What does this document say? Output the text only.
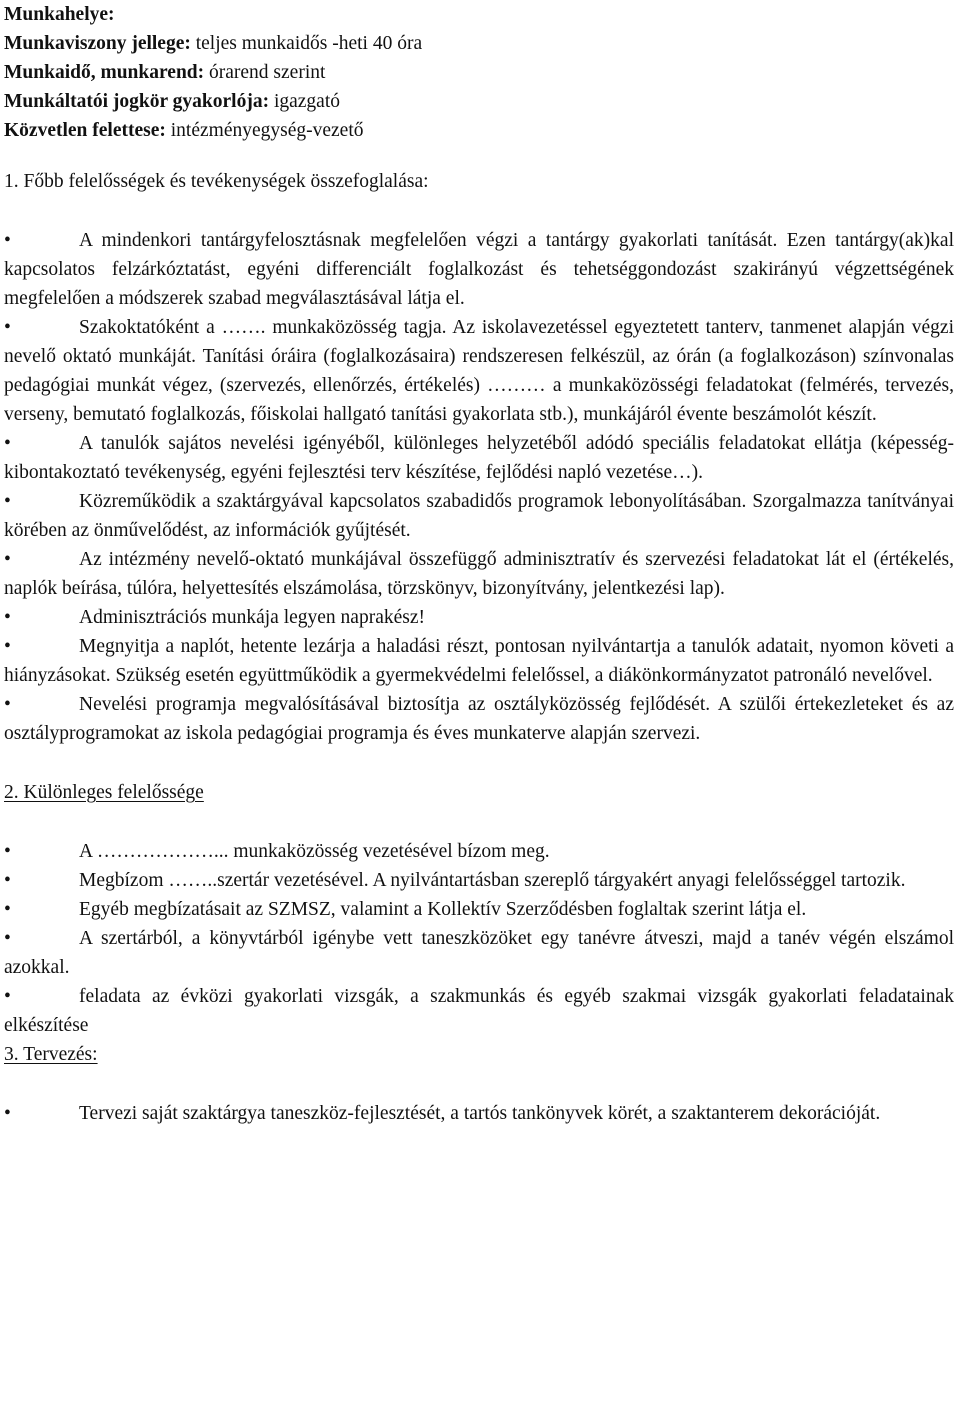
Munkahelye:
Munkaviszony jellege: teljes munkaidős -heti 40 óra
Munkaidő, munkarend: órarend szerint
Munkáltatói jogkör gyakorlója: igazgató
Közvetlen felettese: intézményegység-vezető
1. Főbb felelősségek és tevékenységek összefoglalása:

•	A mindenkori tantárgyfelosztásnak megfelelően végzi a tantárgy gyakorlati tanítását. Ezen tantárgy(ak)kal kapcsolatos felzárkóztatást, egyéni differenciált foglalkozást és tehetséggondozást szakirányú végzettségének megfelelően a módszerek szabad megválasztásával látja el.

•	Szakoktatóként a ……. munkaközösség tagja. Az iskolavezetéssel egyeztetett tanterv, tanmenet alapján végzi nevelő oktató munkáját. Tanítási óráira (foglalkozásaira) rendszeresen felkészül, az órán (a foglalkozáson) színvonalas pedagógiai munkát végez, (szervezés, ellenőrzés, értékelés) ……… a munkaközösségi feladatokat (felmérés, tervezés, verseny, bemutató foglalkozás, főiskolai hallgató tanítási gyakorlata stb.), munkájáról évente beszámolót készít.

•	A tanulók sajátos nevelési igényéből, különleges helyzetéből adódó speciális feladatokat ellátja (képesség-kibontakoztató tevékenység, egyéni fejlesztési terv készítése, fejlődési napló vezetése…).

•	Közreműködik a szaktárgyával kapcsolatos szabadidős programok lebonyolításában. Szorgalmazza tanítványai körében az önművelődést, az információk gyűjtését.

•	Az intézmény nevelő-oktató munkájával összefüggő adminisztratív és szervezési feladatokat lát el (értékelés, naplók beírása, túlóra, helyettesítés elszámolása, törzskönyv, bizonyítvány, jelentkezési lap).

•	Adminisztrációs munkája legyen naprakész!

•	Megnyitja a naplót, hetente lezárja a haladási részt, pontosan nyilvántartja a tanulók adatait, nyomon követi a hiányzásokat. Szükség esetén együttműködik a gyermekvédelmi felelőssel, a diákönkormányzatot patronáló nevelővel.

•	Nevelési programja megvalósításával biztosítja az osztályközösség fejlődését. A szülői értekezleteket és az osztályprogramokat az iskola pedagógiai programja és éves munkaterve alapján szervezi.

2. Különleges felelőssége

•	A ………………... munkaközösség vezetésével bízom meg.

•	Megbízom ……..szertár vezetésével. A nyilvántartásban szereplő tárgyakért anyagi felelősséggel tartozik.

•	Egyéb megbízatásait az SZMSZ, valamint a Kollektív Szerződésben foglaltak szerint látja el.

•	A szertárból, a könyvtárból igénybe vett taneszközöket egy tanévre átveszi, majd a tanév végén elszámol azokkal.

•	feladata az évközi gyakorlati vizsgák, a szakmunkás és egyéb szakmai vizsgák gyakorlati feladatainak elkészítése

3. Tervezés:

•	Tervezi saját szaktárgya taneszköz-fejlesztését, a tartós tankönyvek körét, a szaktanterem dekorációját.
